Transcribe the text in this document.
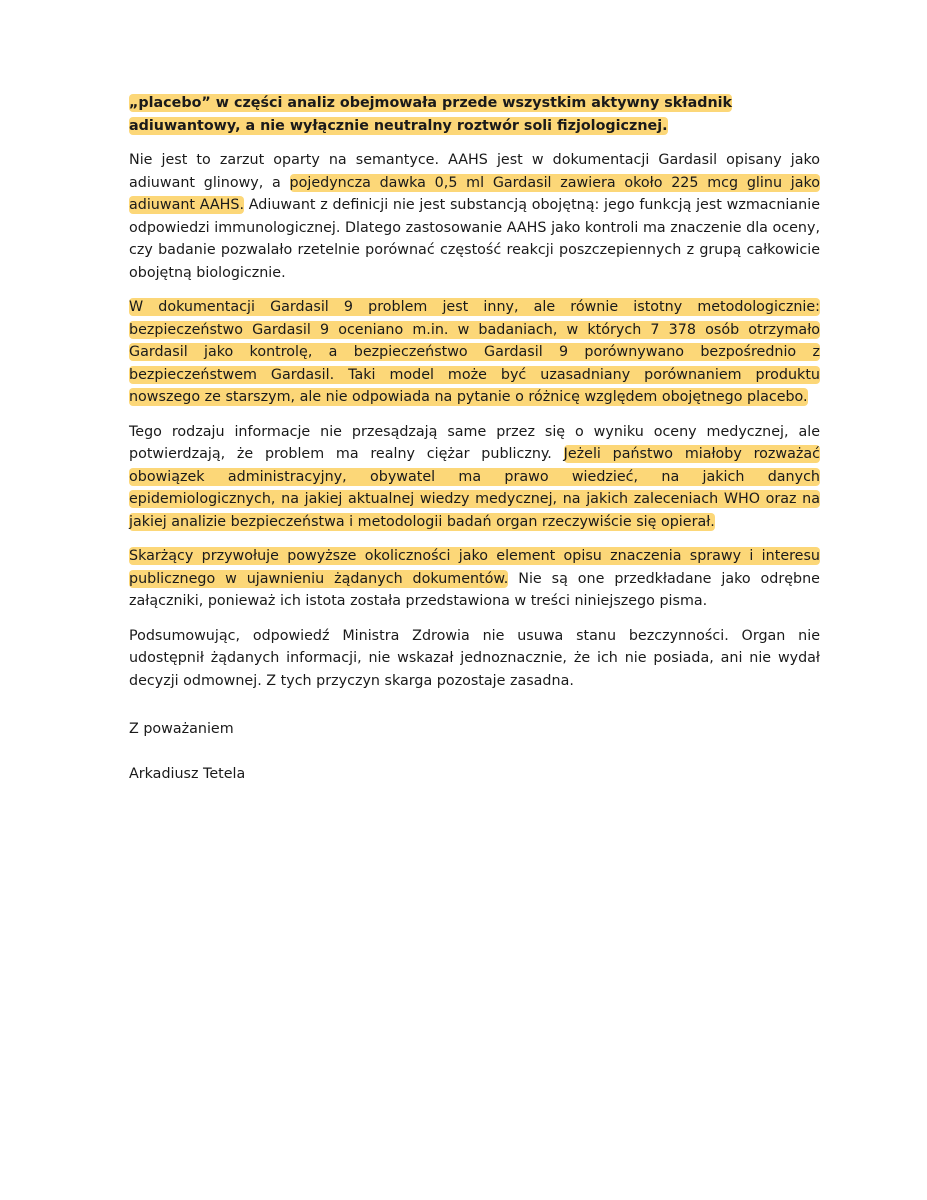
„placebo” w części analiz obejmowała przede wszystkim aktywny składnik adiuwantowy, a nie wyłącznie neutralny roztwór soli fizjologicznej.

Nie jest to zarzut oparty na semantyce. AAHS jest w dokumentacji Gardasil opisany jako adiuwant glinowy, a pojedyncza dawka 0,5 ml Gardasil zawiera około 225 mcg glinu jako adiuwant AAHS. Adiuwant z definicji nie jest substancją obojętną: jego funkcją jest wzmacnianie odpowiedzi immunologicznej. Dlatego zastosowanie AAHS jako kontroli ma znaczenie dla oceny, czy badanie pozwalało rzetelnie porównać częstość reakcji poszczepiennych z grupą całkowicie obojętną biologicznie.

W dokumentacji Gardasil 9 problem jest inny, ale równie istotny metodologicznie: bezpieczeństwo Gardasil 9 oceniano m.in. w badaniach, w których 7 378 osób otrzymało Gardasil jako kontrolę, a bezpieczeństwo Gardasil 9 porównywano bezpośrednio z bezpieczeństwem Gardasil. Taki model może być uzasadniany porównaniem produktu nowszego ze starszym, ale nie odpowiada na pytanie o różnicę względem obojętnego placebo.

Tego rodzaju informacje nie przesądzają same przez się o wyniku oceny medycznej, ale potwierdzają, że problem ma realny ciężar publiczny. Jeżeli państwo miałoby rozważać obowiązek administracyjny, obywatel ma prawo wiedzieć, na jakich danych epidemiologicznych, na jakiej aktualnej wiedzy medycznej, na jakich zaleceniach WHO oraz na jakiej analizie bezpieczeństwa i metodologii badań organ rzeczywiście się opierał.

Skarżący przywołuje powyższe okoliczności jako element opisu znaczenia sprawy i interesu publicznego w ujawnieniu żądanych dokumentów. Nie są one przedkładane jako odrębne załączniki, ponieważ ich istota została przedstawiona w treści niniejszego pisma.

Podsumowując, odpowiedź Ministra Zdrowia nie usuwa stanu bezczynności. Organ nie udostępnił żądanych informacji, nie wskazał jednoznacznie, że ich nie posiada, ani nie wydał decyzji odmownej. Z tych przyczyn skarga pozostaje zasadna.

Z poważaniem

Arkadiusz Tetela
